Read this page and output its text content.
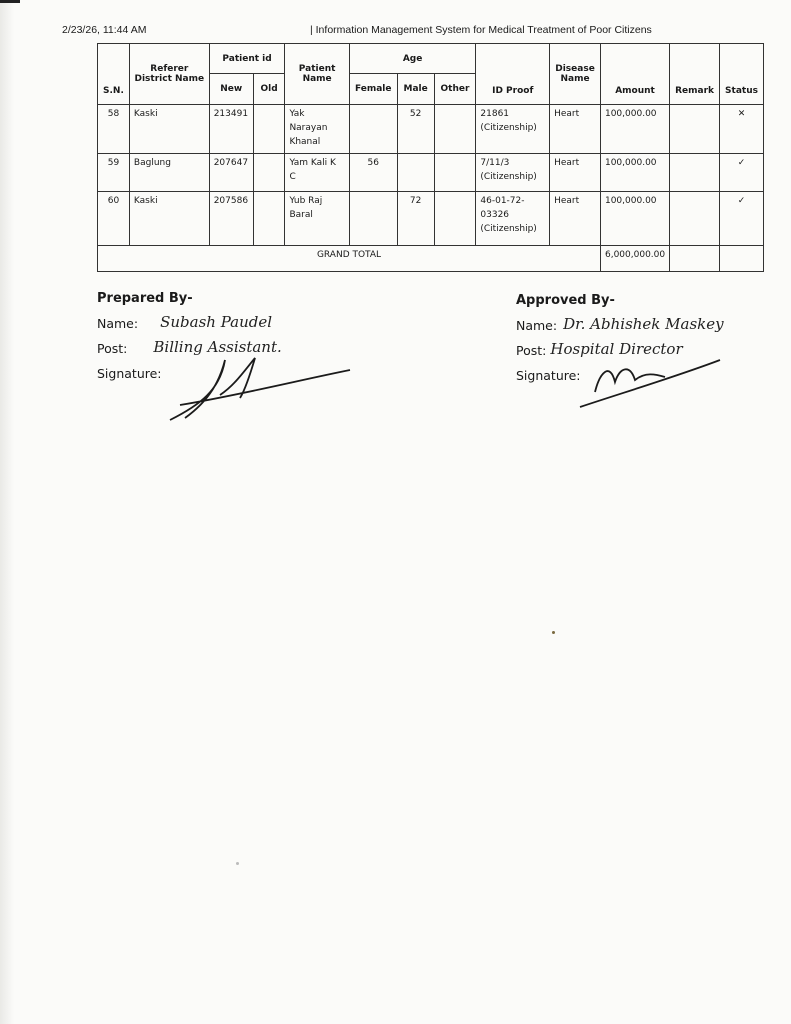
2/23/26, 11:44 AM	| Information Management System for Medical Treatment of Poor Citizens
S.N.	Referer District Name	Patient id		Patient Name	Age			ID Proof	Disease Name	Amount	Remark	Status
		New	Old		Female	Male	Other					
58	Kaski	213491		Yak Narayan Khanal		52		21861 (Citizenship)	Heart	100,000.00		✕
59	Baglung	207647		Yam Kali K C	56			7/11/3 (Citizenship)	Heart	100,000.00		✓
60	Kaski	207586		Yub Raj Baral		72		46-01-72-03326 (Citizenship)	Heart	100,000.00		✓
GRAND TOTAL										6,000,000.00		
Prepared By-
Name: Subash Paudel
Post: Billing Assistant.
Signature:
Approved By-
Name: Dr. Abhishek Maskey
Post: Hospital Director
Signature:
